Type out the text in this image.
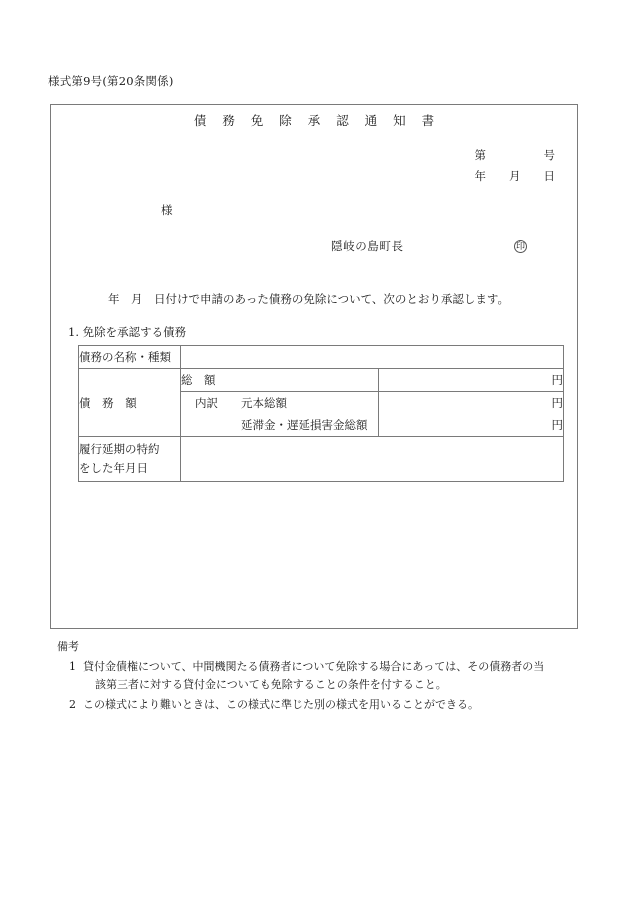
様式第9号(第20条関係)
債 務 免 除 承 認 通 知 書
第　　　　　号
年　　月　　日
様
隠岐の島町長	印
年　月　日付けで申請のあった債務の免除について、次のとおり承認します。
1. 免除を承認する債務
債務の名称・種類		
債 務 額	総　額	円

	内訳 元本総額	円

	延滞金・遅延損害金総額	円
履行延期の特約
をした年月日		
備考
1 貸付金債権について、中間機関たる債務者について免除する場合にあっては、その債務者の当
該第三者に対する貸付金についても免除することの条件を付すること。
2 この様式により難いときは、この様式に準じた別の様式を用いることができる。
